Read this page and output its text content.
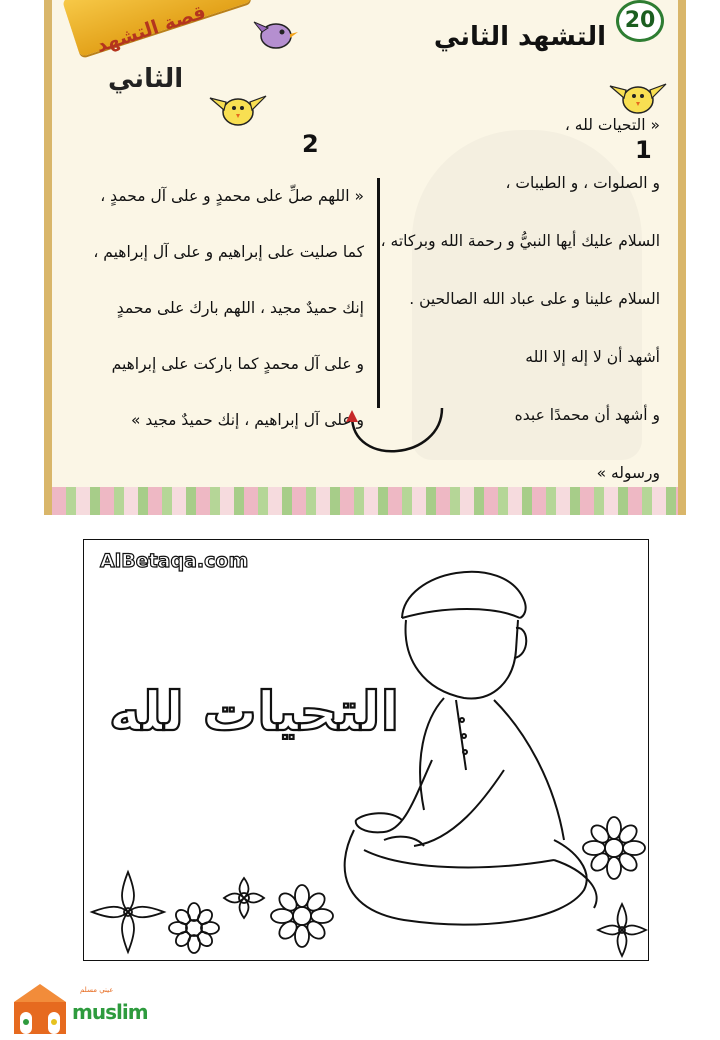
قصة التشهد
الثاني
20
التشهد الثاني
1
2

« التحيات لله ،

و الصلوات ، و الطيبات ،

السلام عليك أيها النبيُّ و رحمة الله وبركاته ،

السلام علينا و على عباد الله الصالحين .

أشهد أن لا إله إلا الله

و أشهد أن محمدًا عبده

ورسوله »

« اللهم صلِّ على محمدٍ و على آل محمدٍ ،

كما صليت على إبراهيم و على آل إبراهيم ،

إنك حميدٌ مجيد ، اللهم بارك على محمدٍ

و على آل محمدٍ كما باركت على إبراهيم

و على آل إبراهيم ، إنك حميدٌ مجيد »

AlBetaqa.com
التحيات لله
عيني مسلم
muslim
